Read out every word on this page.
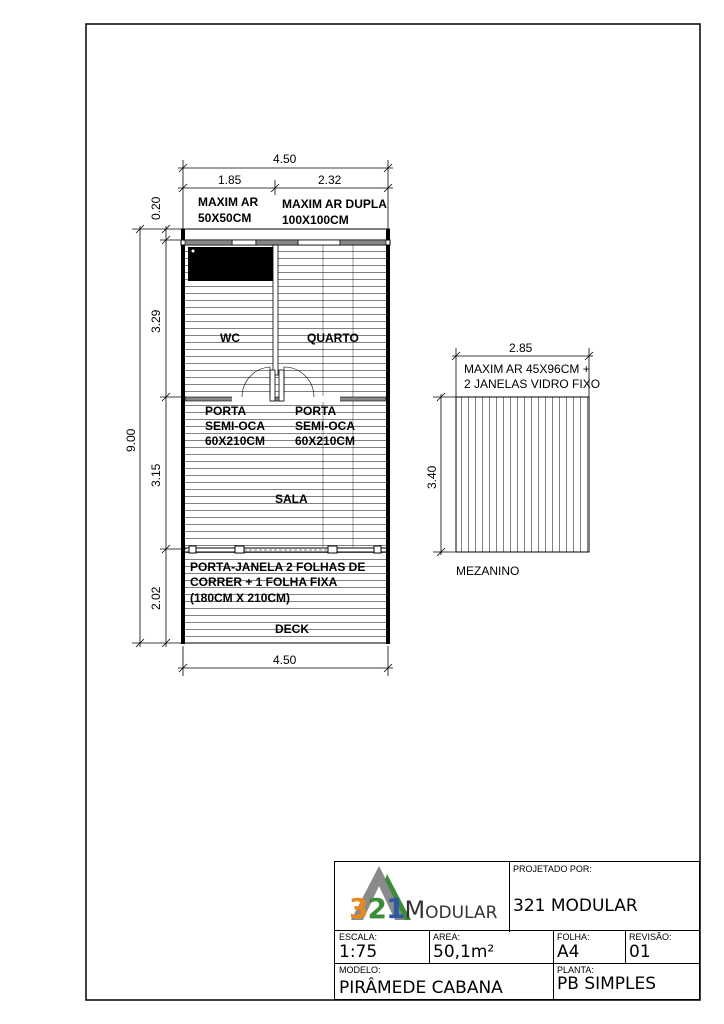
MAXIM AR
50X50CM
MAXIM AR DUPLA
100X100CM
WC	QUARTO
PORTA
SEMI-OCA
60X210CM
PORTA
SEMI-OCA
60X210CM
SALA
PORTA-JANELA 2 FOLHAS DE
CORRER + 1 FOLHA FIXA
(180CM X 210CM)
DECK
4.50
1.85	2.32
0.20
9.00
3.29
3.15
2.02
4.50
2.85
3.40
MAXIM AR 45X96CM +
2 JANELAS VIDRO FIXO
MEZANINO
321Modular
PROJETADO POR:
321 MODULAR
ESCALA:
1:75
AREA:
50,1m²
FOLHA:
A4
REVISÃO:
01
MODELO:
PIRÂMEDE CABANA
PLANTA:
PB SIMPLES
